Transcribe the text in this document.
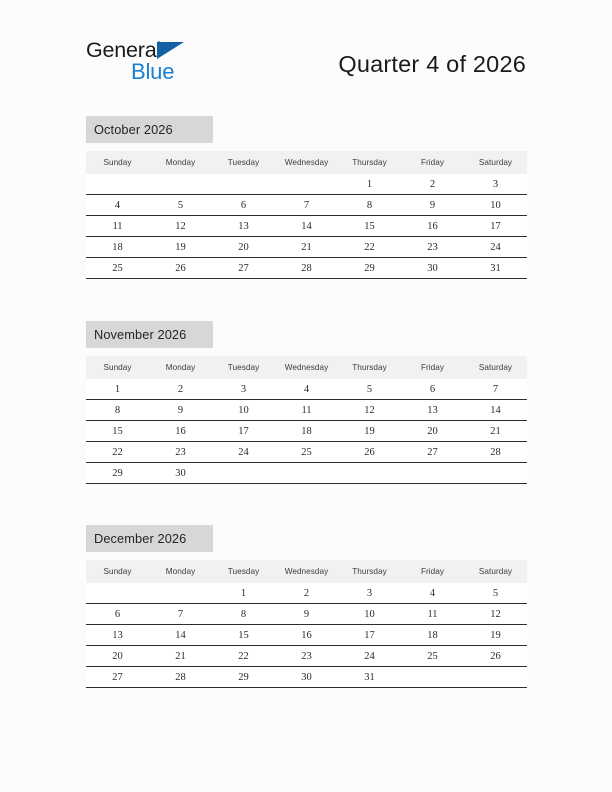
General
Blue	Quarter 4 of 2026
October 2026
Sunday	Monday	Tuesday	Wednesday	Thursday	Friday	Saturday
				1	2	3
4	5	6	7	8	9	10
11	12	13	14	15	16	17
18	19	20	21	22	23	24
25	26	27	28	29	30	31
November 2026
Sunday	Monday	Tuesday	Wednesday	Thursday	Friday	Saturday
1	2	3	4	5	6	7
8	9	10	11	12	13	14
15	16	17	18	19	20	21
22	23	24	25	26	27	28
29	30					
December 2026
Sunday	Monday	Tuesday	Wednesday	Thursday	Friday	Saturday
		1	2	3	4	5
6	7	8	9	10	11	12
13	14	15	16	17	18	19
20	21	22	23	24	25	26
27	28	29	30	31		
